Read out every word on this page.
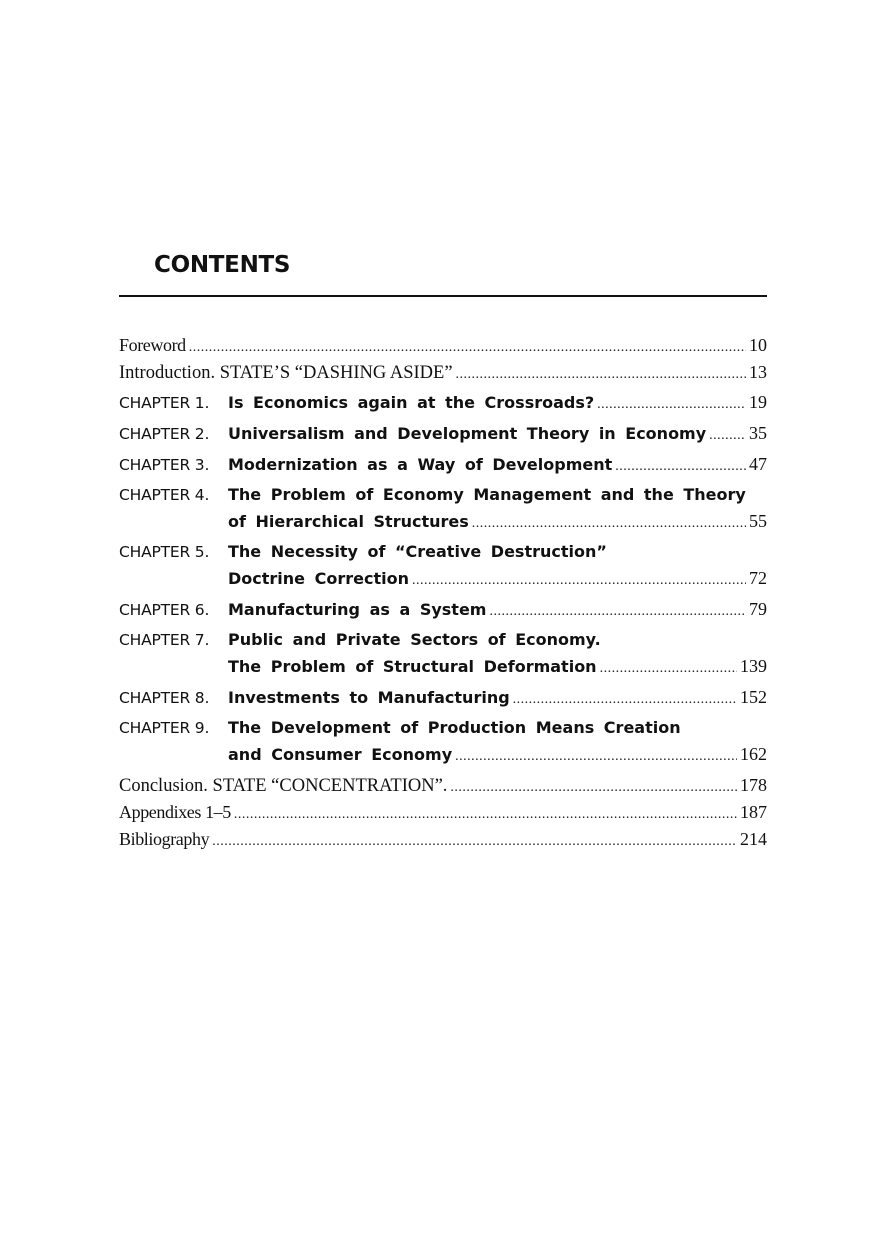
CONTENTS
Foreword .....	10
Introduction. STATE’S “DASHING ASIDE” .....	13
CHAPTER 1.	Is Economics again at the Crossroads? .....	19
CHAPTER 2.	Universalism and Development Theory in Economy ..... 35
CHAPTER 3.	Modernization as a Way of Development .....	47
CHAPTER 4.	The Problem of Economy Management and the Theory
of Hierarchical Structures .....	55
CHAPTER 5.	The Necessity of “Creative Destruction”
Doctrine Correction .....	72
CHAPTER 6.	Manufacturing as a System .....	79
CHAPTER 7.	Public and Private Sectors of Economy.
The Problem of Structural Deformation .....	139
CHAPTER 8.	Investments to Manufacturing .....	152
CHAPTER 9.	The Development of Production Means Creation
and Consumer Economy .....	162
Conclusion. STATE “CONCENTRATION”. .....	178
Appendixes 1–5 .....	187
Bibliography .....	214
